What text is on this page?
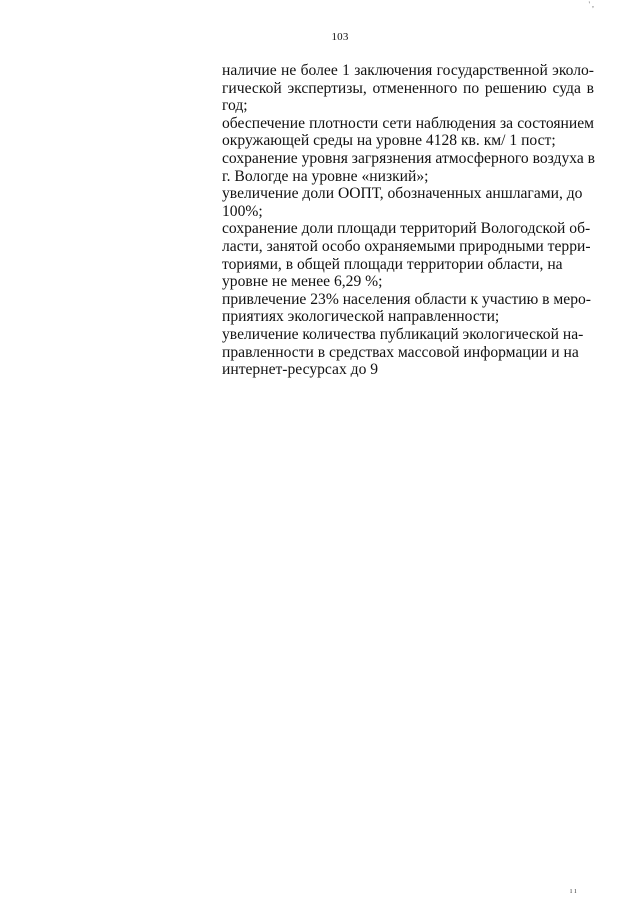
' ,
103
наличие не более 1 заключения государственной эколо-
гической экспертизы, отмененного по решению суда в
год;
обеспечение плотности сети наблюдения за состоянием
окружающей среды на уровне 4128 кв. км/ 1 пост;
сохранение уровня загрязнения атмосферного воздуха в
г. Вологде на уровне «низкий»;
увеличение доли ООПТ, обозначенных аншлагами, до
100%;
сохранение доли площади территорий Вологодской об-
ласти, занятой особо охраняемыми природными терри-
ториями, в общей площади территории области, на
уровне не менее 6,29 %;
привлечение 23% населения области к участию в меро-
приятиях экологической направленности;
увеличение количества публикаций экологической на-
правленности в средствах массовой информации и на
интернет-ресурсах до 9
ı ı
